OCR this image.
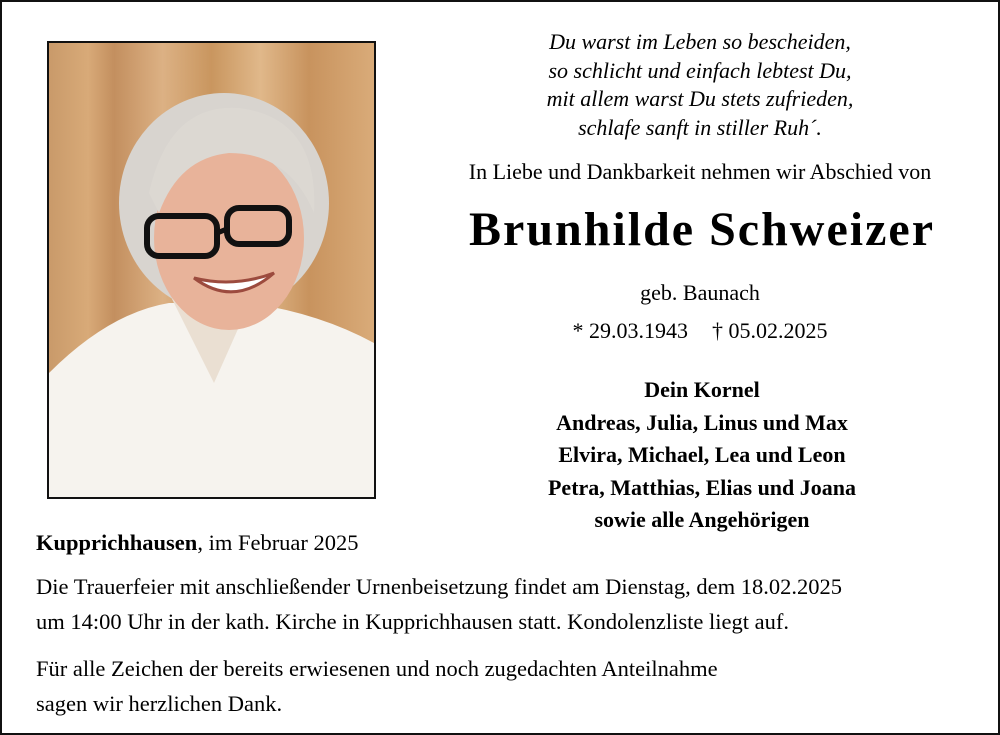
Du warst im Leben so bescheiden,
so schlicht und einfach lebtest Du,
mit allem warst Du stets zufrieden,
schlafe sanft in stiller Ruh´.
In Liebe und Dankbarkeit nehmen wir Abschied von
Brunhilde Schweizer
geb. Baunach
* 29.03.1943 † 05.02.2025
Dein Kornel
Andreas, Julia, Linus und Max
Elvira, Michael, Lea und Leon
Petra, Matthias, Elias und Joana
sowie alle Angehörigen
Kupprichhausen, im Februar 2025
Die Trauerfeier mit anschließender Urnenbeisetzung findet am Dienstag, dem 18.02.2025
um 14:00 Uhr in der kath. Kirche in Kupprichhausen statt. Kondolenzliste liegt auf.
Für alle Zeichen der bereits erwiesenen und noch zugedachten Anteilnahme
sagen wir herzlichen Dank.
